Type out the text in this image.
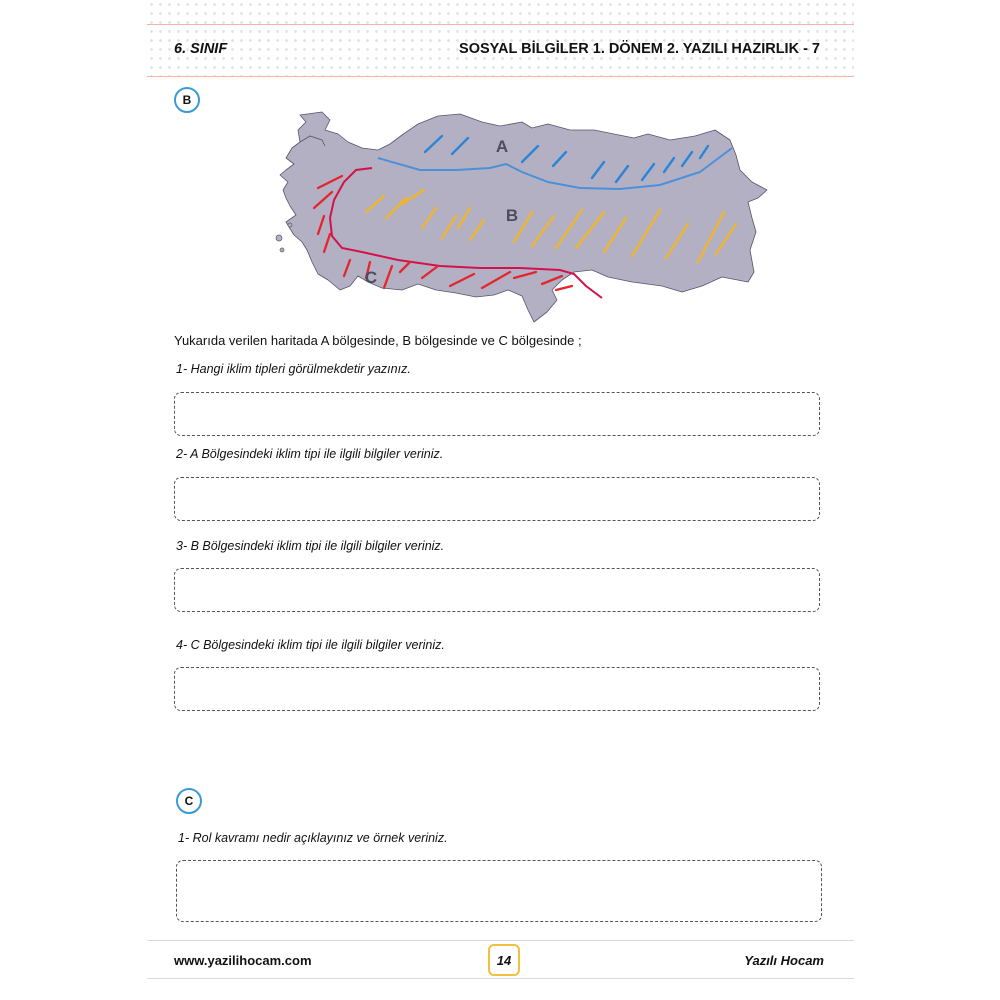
6. SINIF	SOSYAL BİLGİLER 1. DÖNEM 2. YAZILI HAZIRLIK - 7
B
A
B
C
Yukarıda verilen haritada A bölgesinde, B bölgesinde ve C bölgesinde ;
1- Hangi iklim tipleri görülmekdetir yazınız.
2- A Bölgesindeki iklim tipi ile ilgili bilgiler veriniz.
3- B Bölgesindeki iklim tipi ile ilgili bilgiler veriniz.
4- C Bölgesindeki iklim tipi ile ilgili bilgiler veriniz.
C
1- Rol kavramı nedir açıklayınız ve örnek veriniz.
www.yazilihocam.com	14	Yazılı Hocam
